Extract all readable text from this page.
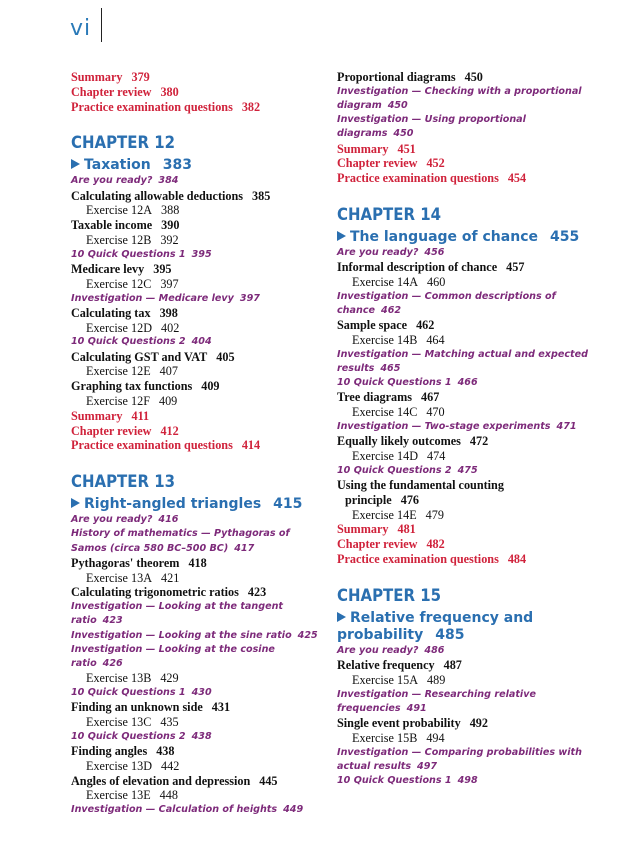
vi
Summary 379
Chapter review 380
Practice examination questions 382
CHAPTER 12
Taxation 383
Are you ready? 384
Calculating allowable deductions 385
Exercise 12A 388
Taxable income 390
Exercise 12B 392
10 Quick Questions 1 395
Medicare levy 395
Exercise 12C 397
Investigation — Medicare levy 397
Calculating tax 398
Exercise 12D 402
10 Quick Questions 2 404
Calculating GST and VAT 405
Exercise 12E 407
Graphing tax functions 409
Exercise 12F 409
Summary 411
Chapter review 412
Practice examination questions 414
CHAPTER 13
Right-angled triangles 415
Are you ready? 416
History of mathematics — Pythagoras of
Samos (circa 580 BC–500 BC) 417
Pythagoras' theorem 418
Exercise 13A 421
Calculating trigonometric ratios 423
Investigation — Looking at the tangent
ratio 423
Investigation — Looking at the sine ratio 425
Investigation — Looking at the cosine
ratio 426
Exercise 13B 429
10 Quick Questions 1 430
Finding an unknown side 431
Exercise 13C 435
10 Quick Questions 2 438
Finding angles 438
Exercise 13D 442
Angles of elevation and depression 445
Exercise 13E 448
Investigation — Calculation of heights 449
Proportional diagrams 450
Investigation — Checking with a proportional
diagram 450
Investigation — Using proportional
diagrams 450
Summary 451
Chapter review 452
Practice examination questions 454
CHAPTER 14
The language of chance 455
Are you ready? 456
Informal description of chance 457
Exercise 14A 460
Investigation — Common descriptions of
chance 462
Sample space 462
Exercise 14B 464
Investigation — Matching actual and expected
results 465
10 Quick Questions 1 466
Tree diagrams 467
Exercise 14C 470
Investigation — Two-stage experiments 471
Equally likely outcomes 472
Exercise 14D 474
10 Quick Questions 2 475
Using the fundamental counting
principle 476
Exercise 14E 479
Summary 481
Chapter review 482
Practice examination questions 484
CHAPTER 15
Relative frequency and
probability 485
Are you ready? 486
Relative frequency 487
Exercise 15A 489
Investigation — Researching relative
frequencies 491
Single event probability 492
Exercise 15B 494
Investigation — Comparing probabilities with
actual results 497
10 Quick Questions 1 498
